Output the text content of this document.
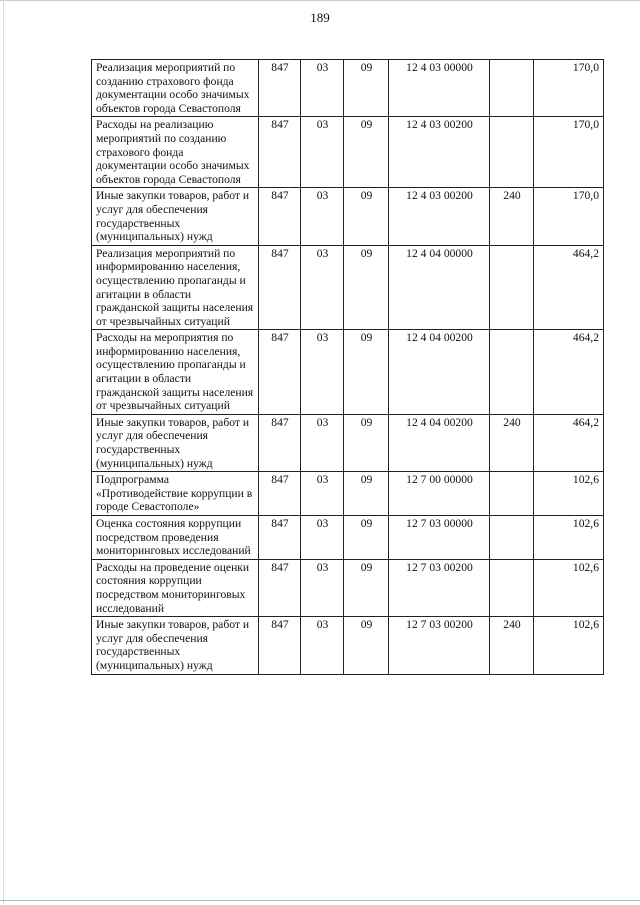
189
Реализация мероприятий по созданию страхового фонда документации особо значимых объектов города Севастополя	847	03	09	12 4 03 00000		170,0
Расходы на реализацию мероприятий по созданию страхового фонда документации особо значимых объектов города Севастополя	847	03	09	12 4 03 00200		170,0
Иные закупки товаров, работ и услуг для обеспечения государственных (муниципальных) нужд	847	03	09	12 4 03 00200	240	170,0
Реализация мероприятий по информированию населения, осуществлению пропаганды и агитации в области гражданской защиты населения от чрезвычайных ситуаций	847	03	09	12 4 04 00000		464,2
Расходы на мероприятия по информированию населения, осуществлению пропаганды и агитации в области гражданской защиты населения от чрезвычайных ситуаций	847	03	09	12 4 04 00200		464,2
Иные закупки товаров, работ и услуг для обеспечения государственных (муниципальных) нужд	847	03	09	12 4 04 00200	240	464,2
Подпрограмма «Противодействие коррупции в городе Севастополе»	847	03	09	12 7 00 00000		102,6
Оценка состояния коррупции посредством проведения мониторинговых исследований	847	03	09	12 7 03 00000		102,6
Расходы на проведение оценки состояния коррупции посредством мониторинговых исследований	847	03	09	12 7 03 00200		102,6
Иные закупки товаров, работ и услуг для обеспечения государственных (муниципальных) нужд	847	03	09	12 7 03 00200	240	102,6
